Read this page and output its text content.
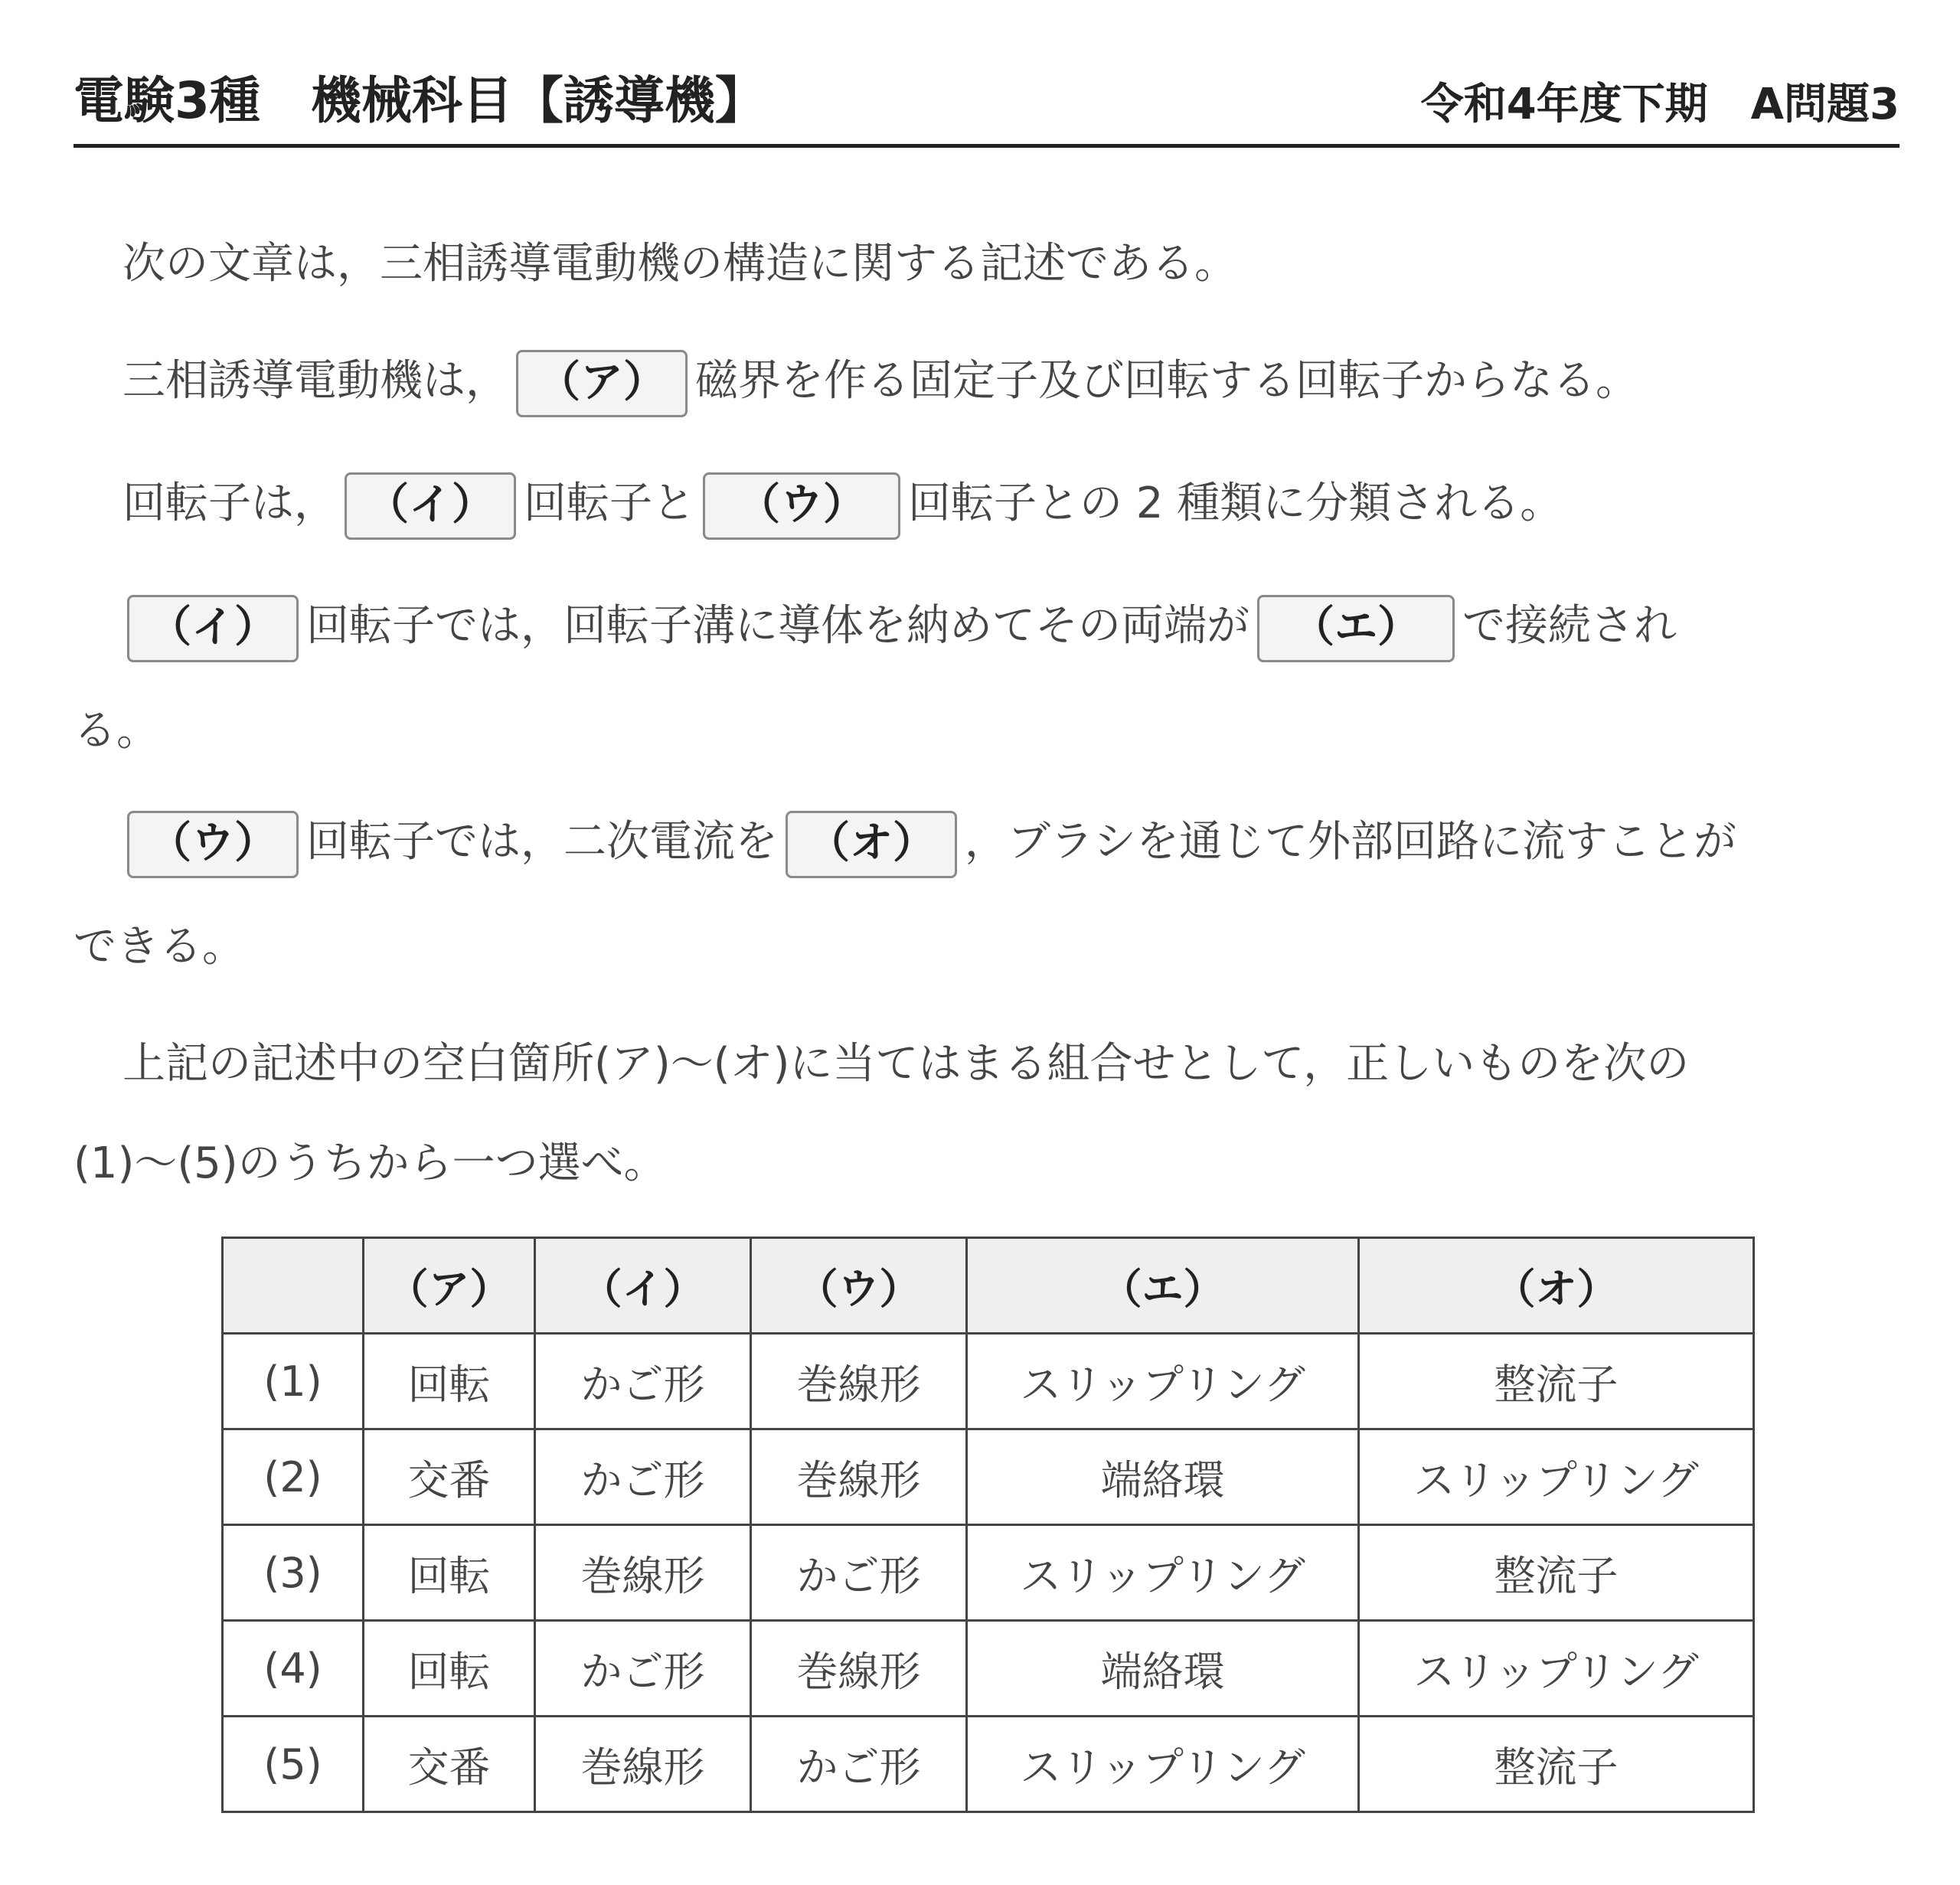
電験3種　機械科目【誘導機】	令和4年度下期　A問題3
次の文章は，三相誘導電動機の構造に関する記述である。
三相誘導電動機は， （ア） 磁界を作る固定子及び回転する回転子からなる。
回転子は， （イ） 回転子と （ウ） 回転子との 2 種類に分類される。
（イ） 回転子では，回転子溝に導体を納めてその両端が （エ） で接続され
る。
（ウ） 回転子では，二次電流を （オ） ，ブラシを通じて外部回路に流すことが
できる。
上記の記述中の空白箇所(ア)～(オ)に当てはまる組合せとして，正しいものを次の
(1)～(5)のうちから一つ選べ。
	（ア）	（イ）	（ウ）	（エ）	（オ）
(1)	回転	かご形	巻線形	スリップリング	整流子
(2)	交番	かご形	巻線形	端絡環	スリップリング
(3)	回転	巻線形	かご形	スリップリング	整流子
(4)	回転	かご形	巻線形	端絡環	スリップリング
(5)	交番	巻線形	かご形	スリップリング	整流子
